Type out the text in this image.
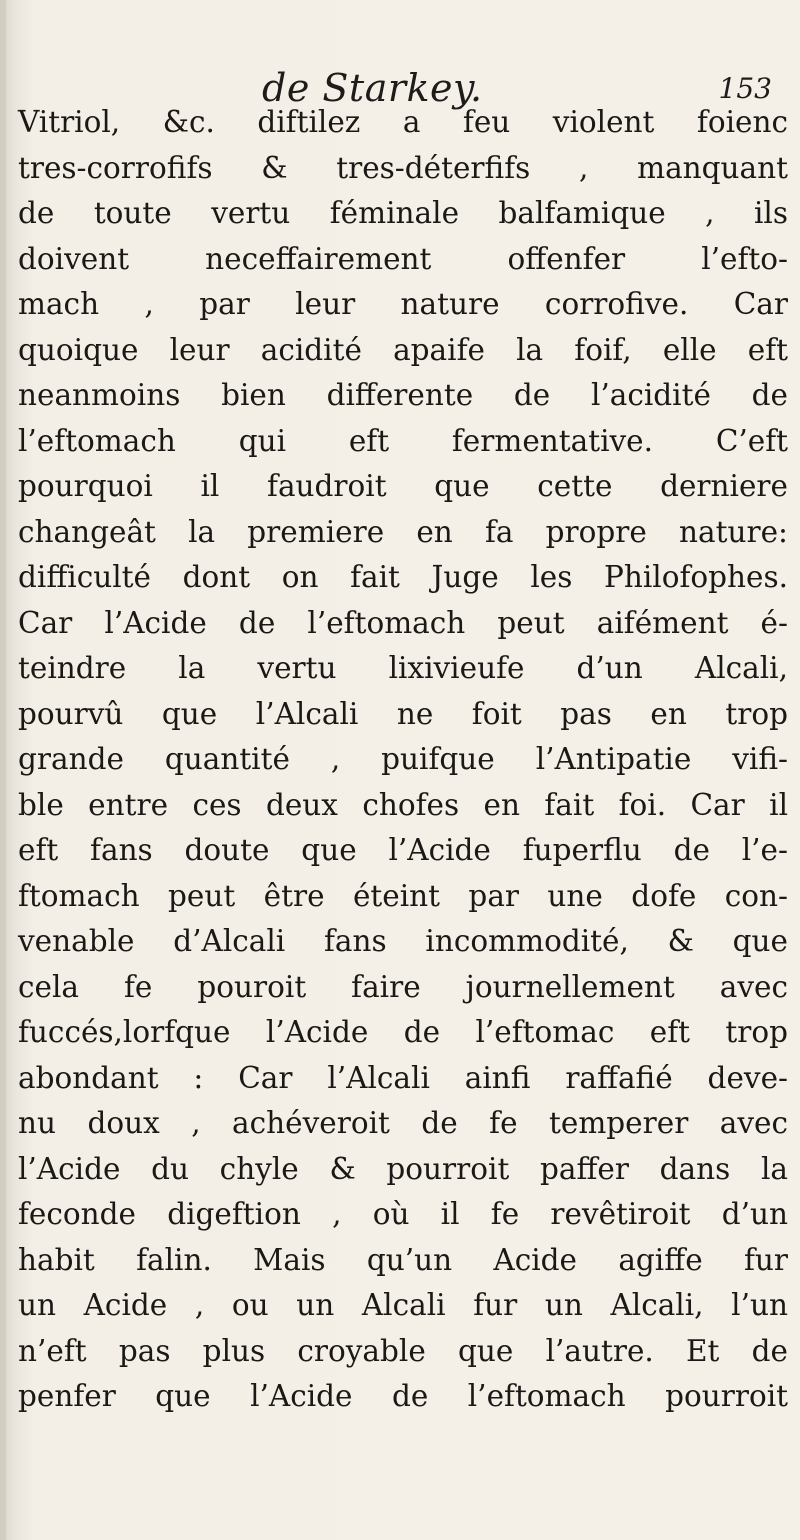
de Starkey.	153
Vitriol, &c. diftilez a feu violent foienc
tres-corrofifs & tres-déterfifs , manquant
de toute vertu féminale balfamique , ils
doivent neceffairement offenfer l’efto-
mach , par leur nature corrofive. Car
quoique leur acidité apaife la foif, elle eft
neanmoins bien differente de l’acidité de
l’eftomach qui eft fermentative. C’eft
pourquoi il faudroit que cette derniere
changeât la premiere en fa propre nature:
difficulté dont on fait Juge les Philofophes.
Car l’Acide de l’eftomach peut aifément é-
teindre la vertu lixivieufe d’un Alcali,
pourvû que l’Alcali ne foit pas en trop
grande quantité , puifque l’Antipatie vifi-
ble entre ces deux chofes en fait foi. Car il
eft fans doute que l’Acide fuperflu de l’e-
ftomach peut être éteint par une dofe con-
venable d’Alcali fans incommodité, & que
cela fe pouroit faire journellement avec
fuccés,lorfque l’Acide de l’eftomac eft trop
abondant : Car l’Alcali ainfi raffafié deve-
nu doux , achéveroit de fe temperer avec
l’Acide du chyle & pourroit paffer dans la
feconde digeftion , où il fe revêtiroit d’un
habit falin. Mais qu’un Acide agiffe fur
un Acide , ou un Alcali fur un Alcali, l’un
n’eft pas plus croyable que l’autre. Et de
penfer que l’Acide de l’eftomach pourroit
